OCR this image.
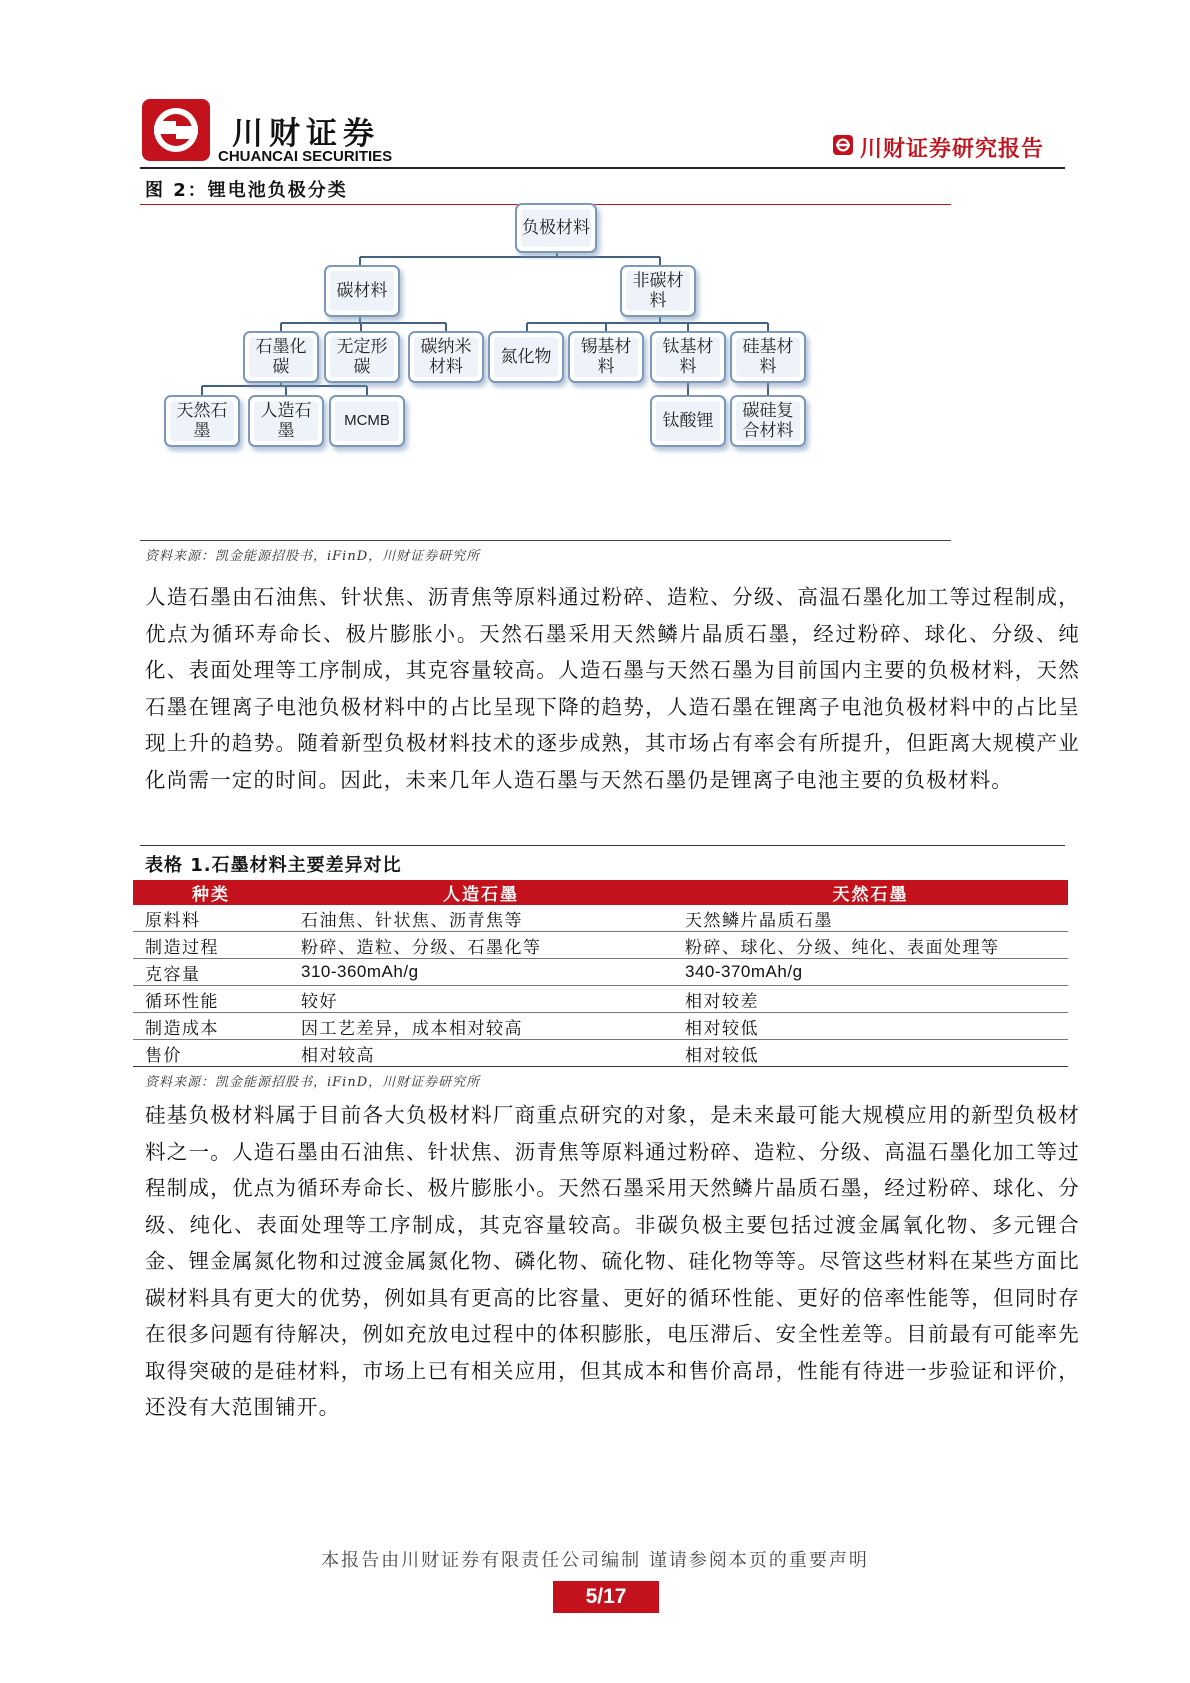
川财证券
CHUANCAI SECURITIES	川财证券研究报告
图 2：锂电池负极分类
负极材料
碳材料	非碳材料
石墨化碳
无定形碳
碳纳米材料	氮化物 锡基材料
钛基材料
硅基材料
天然石墨
人造石墨
MCMB	钛酸锂	碳硅复合材料
资料来源：凯金能源招股书，iFinD，川财证券研究所
人造石墨由石油焦、针状焦、沥青焦等原料通过粉碎、造粒、分级、高温石墨化加工等过程制成，优点为循环寿命长、极片膨胀小。天然石墨采用天然鳞片晶质石墨，经过粉碎、球化、分级、纯化、表面处理等工序制成，其克容量较高。人造石墨与天然石墨为目前国内主要的负极材料，天然石墨在锂离子电池负极材料中的占比呈现下降的趋势，人造石墨在锂离子电池负极材料中的占比呈现上升的趋势。随着新型负极材料技术的逐步成熟，其市场占有率会有所提升，但距离大规模产业化尚需一定的时间。因此，未来几年人造石墨与天然石墨仍是锂离子电池主要的负极材料。
表格 1.石墨材料主要差异对比
种类	人造石墨	天然石墨
原料料	石油焦、针状焦、沥青焦等	天然鳞片晶质石墨
制造过程	粉碎、造粒、分级、石墨化等	粉碎、球化、分级、纯化、表面处理等
克容量	310-360mAh/g	340-370mAh/g
循环性能	较好	相对较差
制造成本	因工艺差异，成本相对较高	相对较低
售价	相对较高	相对较低
资料来源：凯金能源招股书，iFinD，川财证券研究所
硅基负极材料属于目前各大负极材料厂商重点研究的对象，是未来最可能大规模应用的新型负极材料之一。人造石墨由石油焦、针状焦、沥青焦等原料通过粉碎、造粒、分级、高温石墨化加工等过程制成，优点为循环寿命长、极片膨胀小。天然石墨采用天然鳞片晶质石墨，经过粉碎、球化、分级、纯化、表面处理等工序制成，其克容量较高。非碳负极主要包括过渡金属氧化物、多元锂合金、锂金属氮化物和过渡金属氮化物、磷化物、硫化物、硅化物等等。尽管这些材料在某些方面比碳材料具有更大的优势，例如具有更高的比容量、更好的循环性能、更好的倍率性能等，但同时存在很多问题有待解决，例如充放电过程中的体积膨胀，电压滞后、安全性差等。目前最有可能率先取得突破的是硅材料，市场上已有相关应用，但其成本和售价高昂，性能有待进一步验证和评价，还没有大范围铺开。
本报告由川财证券有限责任公司编制 谨请参阅本页的重要声明
5/17
